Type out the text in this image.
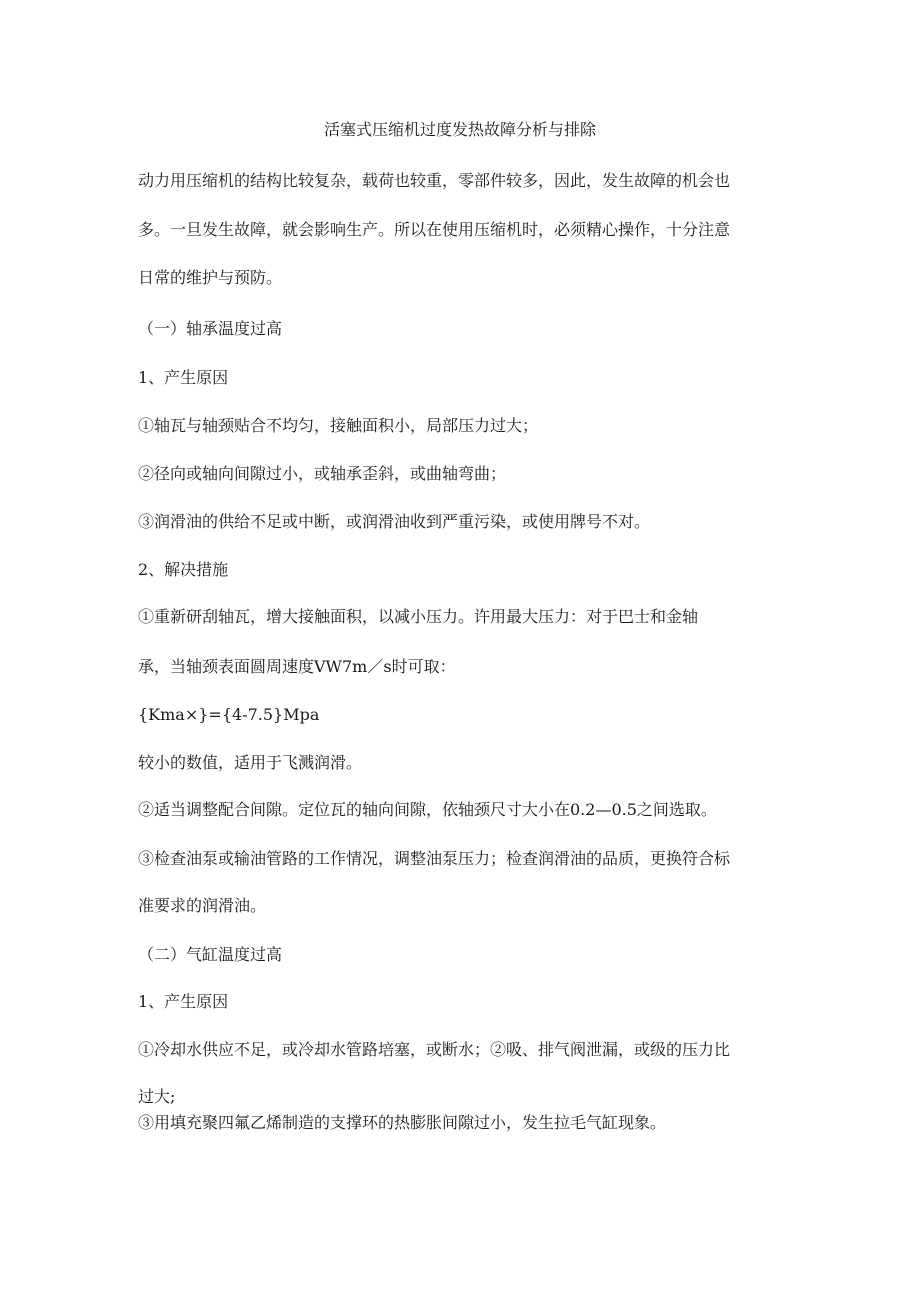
活塞式压缩机过度发热故障分析与排除

动力用压缩机的结构比较复杂，载荷也较重，零部件较多，因此，发生故障的机会也

多。一旦发生故障，就会影响生产。所以在使用压缩机时，必须精心操作，十分注意

日常的维护与预防。

（一）轴承温度过高

1、产生原因

①轴瓦与轴颈贴合不均匀，接触面积小，局部压力过大；

②径向或轴向间隙过小，或轴承歪斜，或曲轴弯曲；

③润滑油的供给不足或中断，或润滑油收到严重污染，或使用牌号不对。

2、解决措施

①重新研刮轴瓦，增大接触面积，以减小压力。许用最大压力：对于巴士和金轴

承，当轴颈表面圆周速度VW7m／s时可取：

{Kma×}={4-7.5}Mpa

较小的数值，适用于飞溅润滑。

②适当调整配合间隙。定位瓦的轴向间隙，依轴颈尺寸大小在0.2—0.5之间选取。

③检查油泵或输油管路的工作情况，调整油泵压力；检查润滑油的品质，更换符合标

准要求的润滑油。

（二）气缸温度过高

1、产生原因

①冷却水供应不足，或冷却水管路培塞，或断水；②吸、排气阀泄漏，或级的压力比

过大;

③用填充聚四氟乙烯制造的支撑环的热膨胀间隙过小，发生拉毛气缸现象。
